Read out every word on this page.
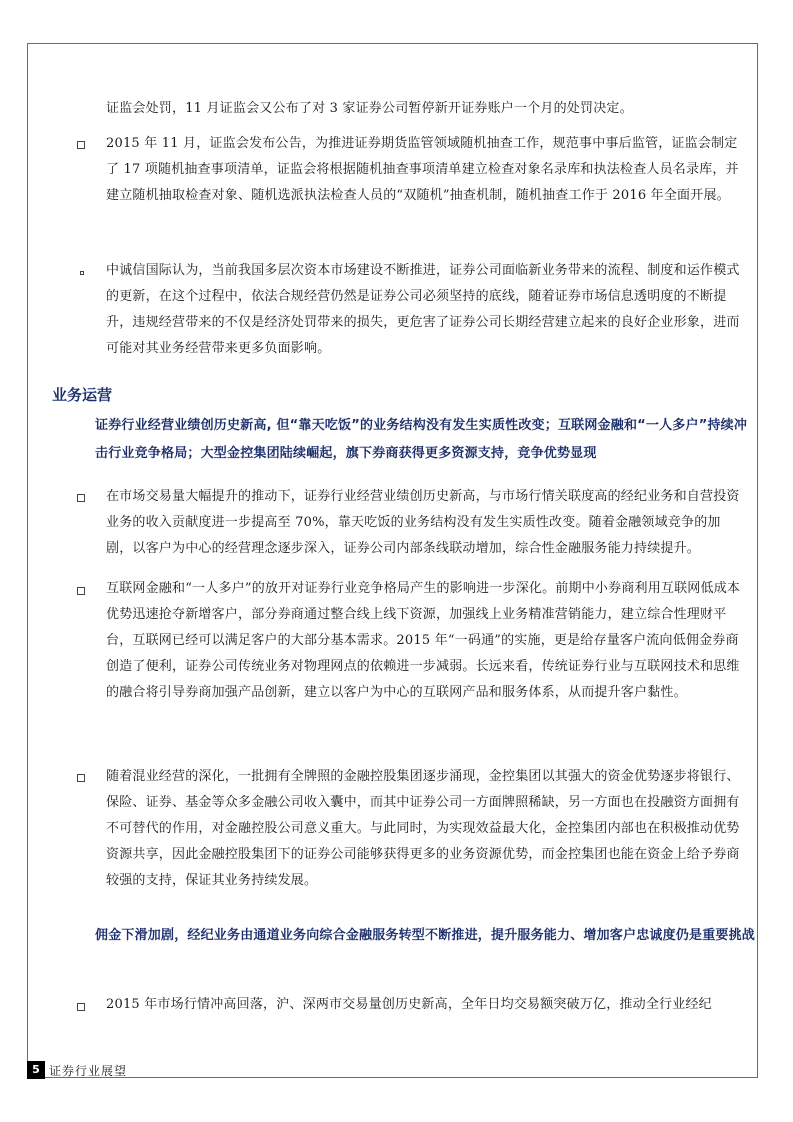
证监会处罚，11 月证监会又公布了对 3 家证券公司暂停新开证券账户一个月的处罚决定。
2015 年 11 月，证监会发布公告，为推进证券期货监管领域随机抽查工作，规范事中事后监管，证监会制定了 17 项随机抽查事项清单，证监会将根据随机抽查事项清单建立检查对象名录库和执法检查人员名录库，并建立随机抽取检查对象、随机选派执法检查人员的“双随机”抽查机制，随机抽查工作于 2016 年全面开展。
中诚信国际认为，当前我国多层次资本市场建设不断推进，证券公司面临新业务带来的流程、制度和运作模式的更新，在这个过程中，依法合规经营仍然是证券公司必须坚持的底线，随着证券市场信息透明度的不断提升，违规经营带来的不仅是经济处罚带来的损失，更危害了证券公司长期经营建立起来的良好企业形象，进而可能对其业务经营带来更多负面影响。
业务运营
证券行业经营业绩创历史新高, 但“靠天吃饭”的业务结构没有发生实质性改变；互联网金融和“一人多户”持续冲击行业竞争格局；大型金控集团陆续崛起，旗下券商获得更多资源支持，竞争优势显现
在市场交易量大幅提升的推动下，证券行业经营业绩创历史新高，与市场行情关联度高的经纪业务和自营投资业务的收入贡献度进一步提高至 70%，靠天吃饭的业务结构没有发生实质性改变。随着金融领域竞争的加剧，以客户为中心的经营理念逐步深入，证券公司内部条线联动增加，综合性金融服务能力持续提升。
互联网金融和“一人多户”的放开对证券行业竞争格局产生的影响进一步深化。前期中小券商利用互联网低成本优势迅速抢夺新增客户，部分券商通过整合线上线下资源，加强线上业务精准营销能力，建立综合性理财平台，互联网已经可以满足客户的大部分基本需求。2015 年“一码通”的实施，更是给存量客户流向低佣金券商创造了便利，证券公司传统业务对物理网点的依赖进一步减弱。长远来看，传统证券行业与互联网技术和思维的融合将引导券商加强产品创新，建立以客户为中心的互联网产品和服务体系，从而提升客户黏性。
随着混业经营的深化，一批拥有全牌照的金融控股集团逐步涌现，金控集团以其强大的资金优势逐步将银行、保险、证券、基金等众多金融公司收入囊中，而其中证券公司一方面牌照稀缺，另一方面也在投融资方面拥有不可替代的作用，对金融控股公司意义重大。与此同时，为实现效益最大化，金控集团内部也在积极推动优势资源共享，因此金融控股集团下的证券公司能够获得更多的业务资源优势，而金控集团也能在资金上给予券商较强的支持，保证其业务持续发展。
佣金下滑加剧，经纪业务由通道业务向综合金融服务转型不断推进，提升服务能力、增加客户忠诚度仍是重要挑战
2015 年市场行情冲高回落，沪、深两市交易量创历史新高，全年日均交易额突破万亿，推动全行业经纪
5 证券行业展望
